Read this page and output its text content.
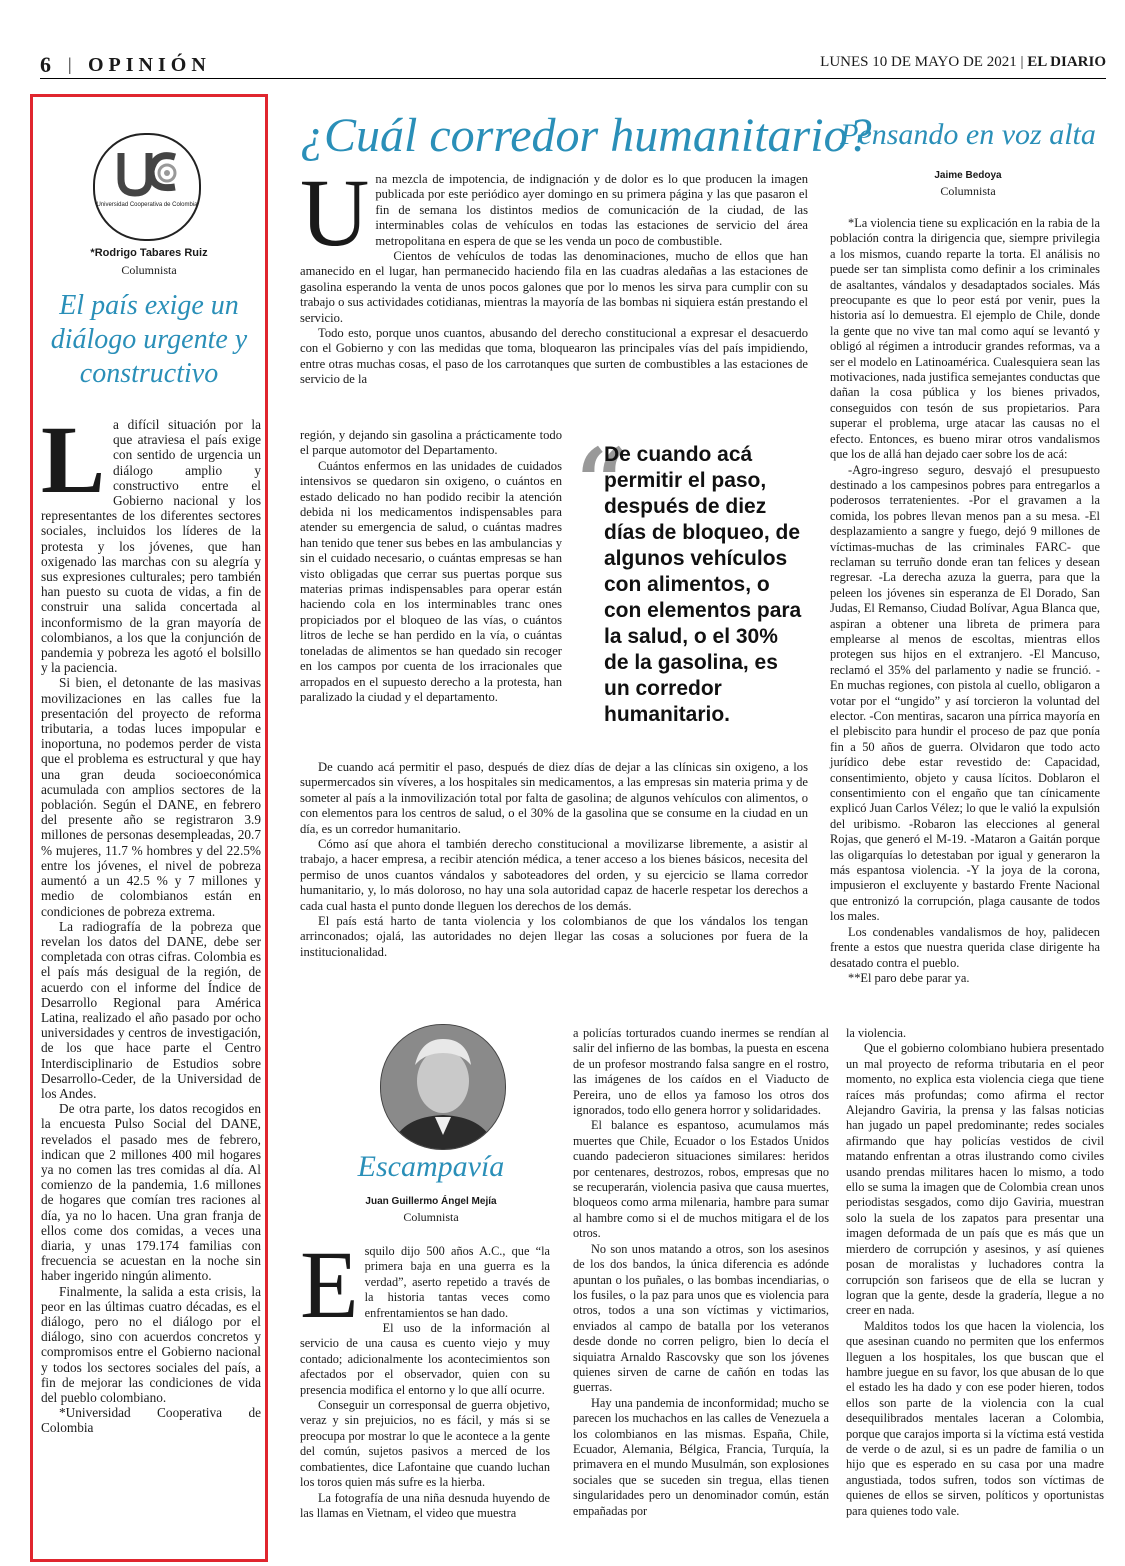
6 | OPINIÓN	LUNES 10 DE MAYO DE 2021 | EL DIARIO
Universidad Cooperativa de Colombia
*Rodrigo Tabares Ruiz
Columnista
El país exige un diálogo urgente y constructivo
L a difícil situación por la que atraviesa el país exige con sentido de urgencia un diálogo amplio y constructivo entre el Gobierno nacional y los representantes de los diferentes sectores sociales, incluidos los líderes de la protesta y los jóvenes, que han oxigenado las marchas con su alegría y sus expresiones culturales; pero también han puesto su cuota de vidas, a fin de construir una salida concertada al inconformismo de la gran mayoría de colombianos, a los que la conjunción de pandemia y pobreza les agotó el bolsillo y la paciencia.

Si bien, el detonante de las masivas movilizaciones en las calles fue la presentación del proyecto de reforma tributaria, a todas luces impopular e inoportuna, no podemos perder de vista que el problema es estructural y que hay una gran deuda socioeconómica acumulada con amplios sectores de la población. Según el DANE, en febrero del presente año se registraron 3.9 millones de personas desempleadas, 20.7 % mujeres, 11.7 % hombres y del 22.5% entre los jóvenes, el nivel de pobreza aumentó a un 42.5 % y 7 millones y medio de colombianos están en condiciones de pobreza extrema.

La radiografía de la pobreza que revelan los datos del DANE, debe ser completada con otras cifras. Colombia es el país más desigual de la región, de acuerdo con el informe del Índice de Desarrollo Regional para América Latina, realizado el año pasado por ocho universidades y centros de investigación, de los que hace parte el Centro Interdisciplinario de Estudios sobre Desarrollo-Ceder, de la Universidad de los Andes.

De otra parte, los datos recogidos en la encuesta Pulso Social del DANE, revelados el pasado mes de febrero, indican que 2 millones 400 mil hogares ya no comen las tres comidas al día. Al comienzo de la pandemia, 1.6 millones de hogares que comían tres raciones al día, ya no lo hacen. Una gran franja de ellos come dos comidas, a veces una diaria, y unas 179.174 familias con frecuencia se acuestan en la noche sin haber ingerido ningún alimento.

Finalmente, la salida a esta crisis, la peor en las últimas cuatro décadas, es el diálogo, pero no el diálogo por el diálogo, sino con acuerdos concretos y compromisos entre el Gobierno nacional y todos los sectores sociales del país, a fin de mejorar las condiciones de vida del pueblo colombiano.

*Universidad Cooperativa de Colombia

¿Cuál corredor humanitario?
U na mezcla de impotencia, de indignación y de dolor es lo que producen la imagen publicada por este periódico ayer domingo en su primera página y las que pasaron el fin de semana los distintos medios de comunicación de la ciudad, de las interminables colas de vehículos en todas las estaciones de servicio del área metropolitana en espera de que se les venda un poco de combustible.

Cientos de vehículos de todas las denominaciones, mucho de ellos que han amanecido en el lugar, han permanecido haciendo fila en las cuadras aledañas a las estaciones de gasolina esperando la venta de unos pocos galones que por lo menos les sirva para cumplir con su trabajo o sus actividades cotidianas, mientras la mayoría de las bombas ni siquiera están prestando el servicio.

Todo esto, porque unos cuantos, abusando del derecho constitucional a expresar el desacuerdo con el Gobierno y con las medidas que toma, bloquearon las principales vías del país impidiendo, entre otras muchas cosas, el paso de los carrotanques que surten de combustibles a las estaciones de servicio de la

región, y dejando sin gasolina a prácticamente todo el parque automotor del Departamento.

Cuántos enfermos en las unidades de cuidados intensivos se quedaron sin oxigeno, o cuántos en estado delicado no han podido recibir la atención debida ni los medicamentos indispensables para atender su emergencia de salud, o cuántas madres han tenido que tener sus bebes en las ambulancias y sin el cuidado necesario, o cuántas empresas se han visto obligadas que cerrar sus puertas porque sus materias primas indispensables para operar están haciendo cola en los interminables tranc ones propiciados por el bloqueo de las vías, o cuántos litros de leche se han perdido en la vía, o cuántas toneladas de alimentos se han quedado sin recoger en los campos por cuenta de los irracionales que arropados en el supuesto derecho a la protesta, han paralizado la ciudad y el departamento.

“
De cuando acá permitir el paso, después de diez días de bloqueo, de algunos vehículos con alimentos, o con elementos para la salud, o el 30% de la gasolina, es un corredor humanitario.

De cuando acá permitir el paso, después de diez días de dejar a las clínicas sin oxigeno, a los supermercados sin víveres, a los hospitales sin medicamentos, a las empresas sin materia prima y de someter al país a la inmovilización total por falta de gasolina; de algunos vehículos con alimentos, o con elementos para los centros de salud, o el 30% de la gasolina que se consume en la ciudad en un día, es un corredor humanitario.

Cómo así que ahora el también derecho constitucional a movilizarse libremente, a asistir al trabajo, a hacer empresa, a recibir atención médica, a tener acceso a los bienes básicos, necesita del permiso de unos cuantos vándalos y saboteadores del orden, y su ejercicio se llama corredor humanitario, y, lo más doloroso, no hay una sola autoridad capaz de hacerle respetar los derechos a cada cual hasta el punto donde lleguen los derechos de los demás.

El país está harto de tanta violencia y los colombianos de que los vándalos los tengan arrinconados; ojalá, las autoridades no dejen llegar las cosas a soluciones por fuera de la institucionalidad.

Pensando en voz alta
Jaime Bedoya
Columnista

*La violencia tiene su explicación en la rabia de la población contra la dirigencia que, siempre privilegia a los mismos, cuando reparte la torta. El análisis no puede ser tan simplista como definir a los criminales de asaltantes, vándalos y desadaptados sociales. Más preocupante es que lo peor está por venir, pues la historia así lo demuestra. El ejemplo de Chile, donde la gente que no vive tan mal como aquí se levantó y obligó al régimen a introducir grandes reformas, va a ser el modelo en Latinoamérica. Cualesquiera sean las motivaciones, nada justifica semejantes conductas que dañan la cosa pública y los bienes privados, conseguidos con tesón de sus propietarios. Para superar el problema, urge atacar las causas no el efecto. Entonces, es bueno mirar otros vandalismos que los de allá han dejado caer sobre los de acá:

-Agro-ingreso seguro, desvajó el presupuesto destinado a los campesinos pobres para entregarlos a poderosos terratenientes. -Por el gravamen a la comida, los pobres llevan menos pan a su mesa. -El desplazamiento a sangre y fuego, dejó 9 millones de víctimas-muchas de las criminales FARC- que reclaman su terruño donde eran tan felices y desean regresar. -La derecha azuza la guerra, para que la peleen los jóvenes sin esperanza de El Dorado, San Judas, El Remanso, Ciudad Bolívar, Agua Blanca que, aspiran a obtener una libreta de primera para emplearse al menos de escoltas, mientras ellos protegen sus hijos en el extranjero. -El Mancuso, reclamó el 35% del parlamento y nadie se frunció. -En muchas regiones, con pistola al cuello, obligaron a votar por el “ungido” y así torcieron la voluntad del elector. -Con mentiras, sacaron una pírrica mayoría en el plebiscito para hundir el proceso de paz que ponía fin a 50 años de guerra. Olvidaron que todo acto jurídico debe estar revestido de: Capacidad, consentimiento, objeto y causa lícitos. Doblaron el consentimiento con el engaño que tan cínicamente explicó Juan Carlos Vélez; lo que le valió la expulsión del uribismo. -Robaron las elecciones al general Rojas, que generó el M-19. -Mataron a Gaitán porque las oligarquías lo detestaban por igual y generaron la más espantosa violencia. -Y la joya de la corona, impusieron el excluyente y bastardo Frente Nacional que entronizó la corrupción, plaga causante de todos los males.

Los condenables vandalismos de hoy, palidecen frente a estos que nuestra querida clase dirigente ha desatado contra el pueblo.

**El paro debe parar ya.

Escampavía
Juan Guillermo Ángel Mejía
Columnista
E squilo dijo 500 años A.C., que “la primera baja en una guerra es la verdad”, aserto repetido a través de la historia tantas veces como enfrentamientos se han dado.

El uso de la información al servicio de una causa es cuento viejo y muy contado; adicionalmente los acontecimientos son afectados por el observador, quien con su presencia modifica el entorno y lo que allí ocurre.

Conseguir un corresponsal de guerra objetivo, veraz y sin prejuicios, no es fácil, y más si se preocupa por mostrar lo que le acontece a la gente del común, sujetos pasivos a merced de los combatientes, dice Lafontaine que cuando luchan los toros quien más sufre es la hierba.

La fotografía de una niña desnuda huyendo de las llamas en Vietnam, el video que muestra

a policías torturados cuando inermes se rendían al salir del infierno de las bombas, la puesta en escena de un profesor mostrando falsa sangre en el rostro, las imágenes de los caídos en el Viaducto de Pereira, uno de ellos ya famoso los otros dos ignorados, todo ello genera horror y solidaridades.

El balance es espantoso, acumulamos más muertes que Chile, Ecuador o los Estados Unidos cuando padecieron situaciones similares: heridos por centenares, destrozos, robos, empresas que no se recuperarán, violencia pasiva que causa muertes, bloqueos como arma milenaria, hambre para sumar al hambre como si el de muchos mitigara el de los otros.

No son unos matando a otros, son los asesinos de los dos bandos, la única diferencia es adónde apuntan o los puñales, o las bombas incendiarias, o los fusiles, o la paz para unos que es violencia para otros, todos a una son víctimas y victimarios, enviados al campo de batalla por los veteranos desde donde no corren peligro, bien lo decía el siquiatra Arnaldo Rascovsky que son los jóvenes quienes sirven de carne de cañón en todas las guerras.

Hay una pandemia de inconformidad; mucho se parecen los muchachos en las calles de Venezuela a los colombianos en las mismas. España, Chile, Ecuador, Alemania, Bélgica, Francia, Turquía, la primavera en el mundo Musulmán, son explosiones sociales que se suceden sin tregua, ellas tienen singularidades pero un denominador común, están empañadas por

la violencia.

Que el gobierno colombiano hubiera presentado un mal proyecto de reforma tributaria en el peor momento, no explica esta violencia ciega que tiene raíces más profundas; como afirma el rector Alejandro Gaviria, la prensa y las falsas noticias han jugado un papel predominante; redes sociales afirmando que hay policías vestidos de civil matando enfrentan a otras ilustrando como civiles usando prendas militares hacen lo mismo, a todo ello se suma la imagen que de Colombia crean unos periodistas sesgados, como dijo Gaviria, muestran solo la suela de los zapatos para presentar una imagen deformada de un país que es más que un mierdero de corrupción y asesinos, y así quienes posan de moralistas y luchadores contra la corrupción son fariseos que de ella se lucran y logran que la gente, desde la gradería, llegue a no creer en nada.

Malditos todos los que hacen la violencia, los que asesinan cuando no permiten que los enfermos lleguen a los hospitales, los que buscan que el hambre juegue en su favor, los que abusan de lo que el estado les ha dado y con ese poder hieren, todos ellos son parte de la violencia con la cual desequilibrados mentales laceran a Colombia, porque que carajos importa si la víctima está vestida de verde o de azul, si es un padre de familia o un hijo que es esperado en su casa por una madre angustiada, todos sufren, todos son víctimas de quienes de ellos se sirven, políticos y oportunistas para quienes todo vale.
